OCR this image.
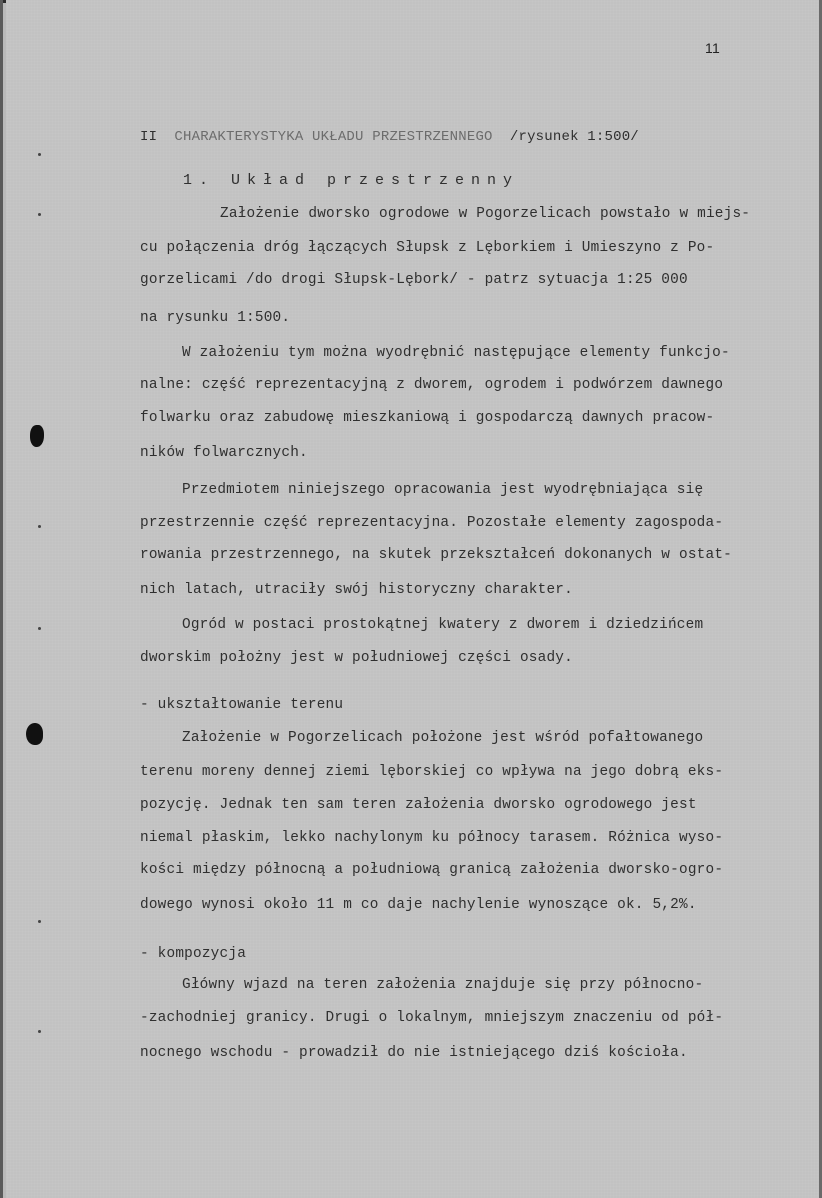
11
II CHARAKTERYSTYKA UKŁADU PRZESTRZENNEGO /rysunek 1:500/
1. Układ przestrzenny
Założenie dworsko ogrodowe w Pogorzelicach powstało w miejs-
cu połączenia dróg łączących Słupsk z Lęborkiem i Umieszyno z Po-
gorzelicami /do drogi Słupsk-Lębork/ - patrz sytuacja 1:25 000
na rysunku 1:500.
W założeniu tym można wyodrębnić następujące elementy funkcjo-
nalne: część reprezentacyjną z dworem, ogrodem i podwórzem dawnego
folwarku oraz zabudowę mieszkaniową i gospodarczą dawnych pracow-
ników folwarcznych.
Przedmiotem niniejszego opracowania jest wyodrębniająca się
przestrzennie część reprezentacyjna. Pozostałe elementy zagospoda-
rowania przestrzennego, na skutek przekształceń dokonanych w ostat-
nich latach, utraciły swój historyczny charakter.
Ogród w postaci prostokątnej kwatery z dworem i dziedzińcem
dworskim położny jest w południowej części osady.
- ukształtowanie terenu
Założenie w Pogorzelicach położone jest wśród pofałtowanego
terenu moreny dennej ziemi lęborskiej co wpływa na jego dobrą eks-
pozycję. Jednak ten sam teren założenia dworsko ogrodowego jest
niemal płaskim, lekko nachylonym ku północy tarasem. Różnica wyso-
kości między północną a południową granicą założenia dworsko-ogro-
dowego wynosi około 11 m co daje nachylenie wynoszące ok. 5,2%.
- kompozycja
Główny wjazd na teren założenia znajduje się przy północno-
-zachodniej granicy. Drugi o lokalnym, mniejszym znaczeniu od pół-
nocnego wschodu - prowadził do nie istniejącego dziś kościoła.
